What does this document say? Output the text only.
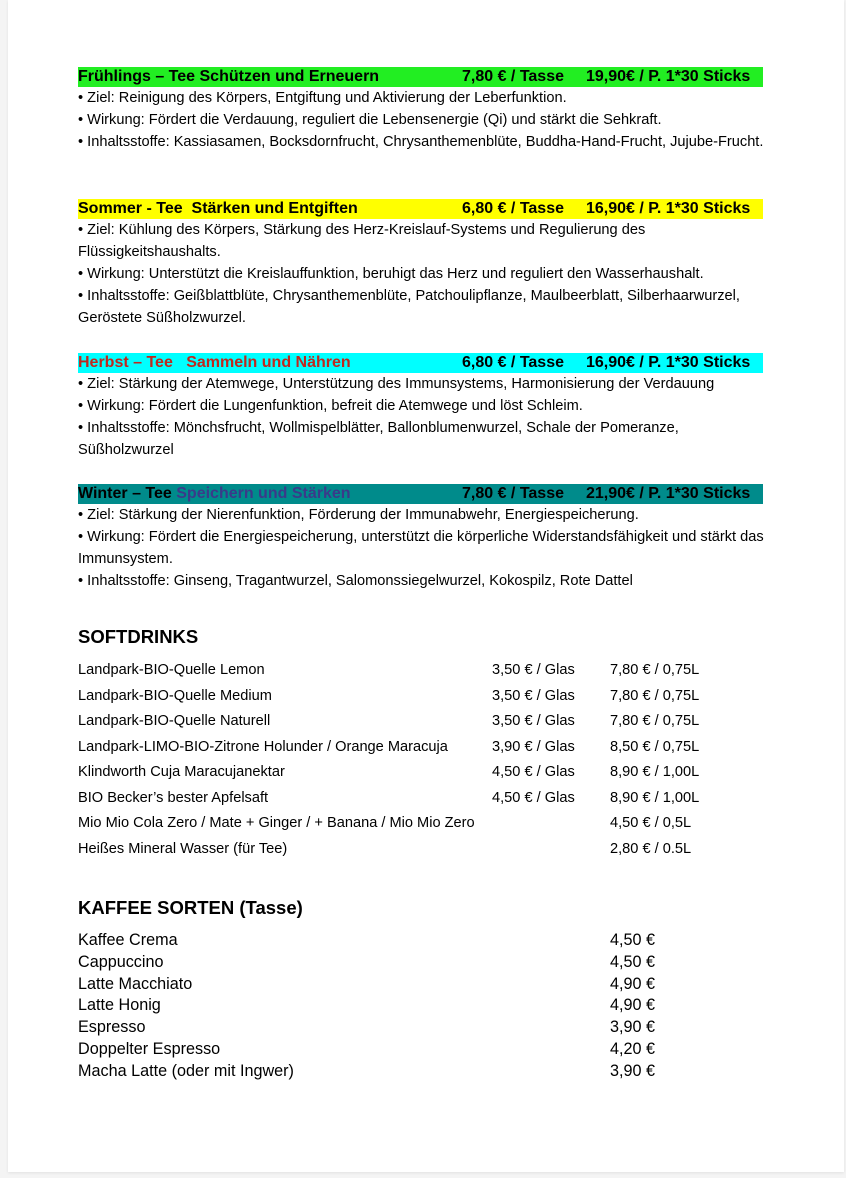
Frühlings – Tee Schützen und Erneuern	7,80 € / Tasse 19,90€ / P. 1*30 Sticks

• Ziel: Reinigung des Körpers, Entgiftung und Aktivierung der Leberfunktion.

• Wirkung: Fördert die Verdauung, reguliert die Lebensenergie (Qi) und stärkt die Sehkraft.

• Inhaltsstoffe: Kassiasamen, Bocksdornfrucht, Chrysanthemenblüte, Buddha-Hand-Frucht, Jujube-Frucht.

Sommer - Tee  Stärken und Entgiften	6,80 € / Tasse 16,90€ / P. 1*30 Sticks

• Ziel: Kühlung des Körpers, Stärkung des Herz-Kreislauf-Systems und Regulierung des Flüssigkeitshaushalts.

• Wirkung: Unterstützt die Kreislauffunktion, beruhigt das Herz und reguliert den Wasserhaushalt.

• Inhaltsstoffe: Geißblattblüte, Chrysanthemenblüte, Patchoulipflanze, Maulbeerblatt, Silberhaarwurzel, Geröstete Süßholzwurzel.

Herbst – Tee   Sammeln und Nähren	6,80 € / Tasse 16,90€ / P. 1*30 Sticks

• Ziel: Stärkung der Atemwege, Unterstützung des Immunsystems, Harmonisierung der Verdauung

• Wirkung: Fördert die Lungenfunktion, befreit die Atemwege und löst Schleim.

• Inhaltsstoffe: Mönchsfrucht, Wollmispelblätter, Ballonblumenwurzel, Schale der Pomeranze, Süßholzwurzel

Winter – Tee Speichern und Stärken	7,80 € / Tasse 21,90€ / P. 1*30 Sticks

• Ziel: Stärkung der Nierenfunktion, Förderung der Immunabwehr, Energiespeicherung.

• Wirkung: Fördert die Energiespeicherung, unterstützt die körperliche Widerstandsfähigkeit und stärkt das Immunsystem.

• Inhaltsstoffe: Ginseng, Tragantwurzel, Salomonssiegelwurzel, Kokospilz, Rote Dattel

SOFTDRINKS
Landpark-BIO-Quelle Lemon	3,50 € / Glas 7,80 € / 0,75L
Landpark-BIO-Quelle Medium	3,50 € / Glas 7,80 € / 0,75L
Landpark-BIO-Quelle Naturell	3,50 € / Glas 7,80 € / 0,75L
Landpark-LIMO-BIO-Zitrone Holunder / Orange Maracuja	3,90 € / Glas 8,50 € / 0,75L
Klindworth Cuja Maracujanektar	4,50 € / Glas 8,90 € / 1,00L
BIO Becker’s bester Apfelsaft	4,50 € / Glas 8,90 € / 1,00L
Mio Mio Cola Zero / Mate + Ginger / + Banana / Mio Mio Zero	4,50 € / 0,5L
Heißes Mineral Wasser (für Tee)	2,80 € / 0.5L
KAFFEE SORTEN (Tasse)
Kaffee Crema	4,50 €
Cappuccino	4,50 €
Latte Macchiato	4,90 €
Latte Honig	4,90 €
Espresso	3,90 €
Doppelter Espresso	4,20 €
Macha Latte (oder mit Ingwer)	3,90 €
